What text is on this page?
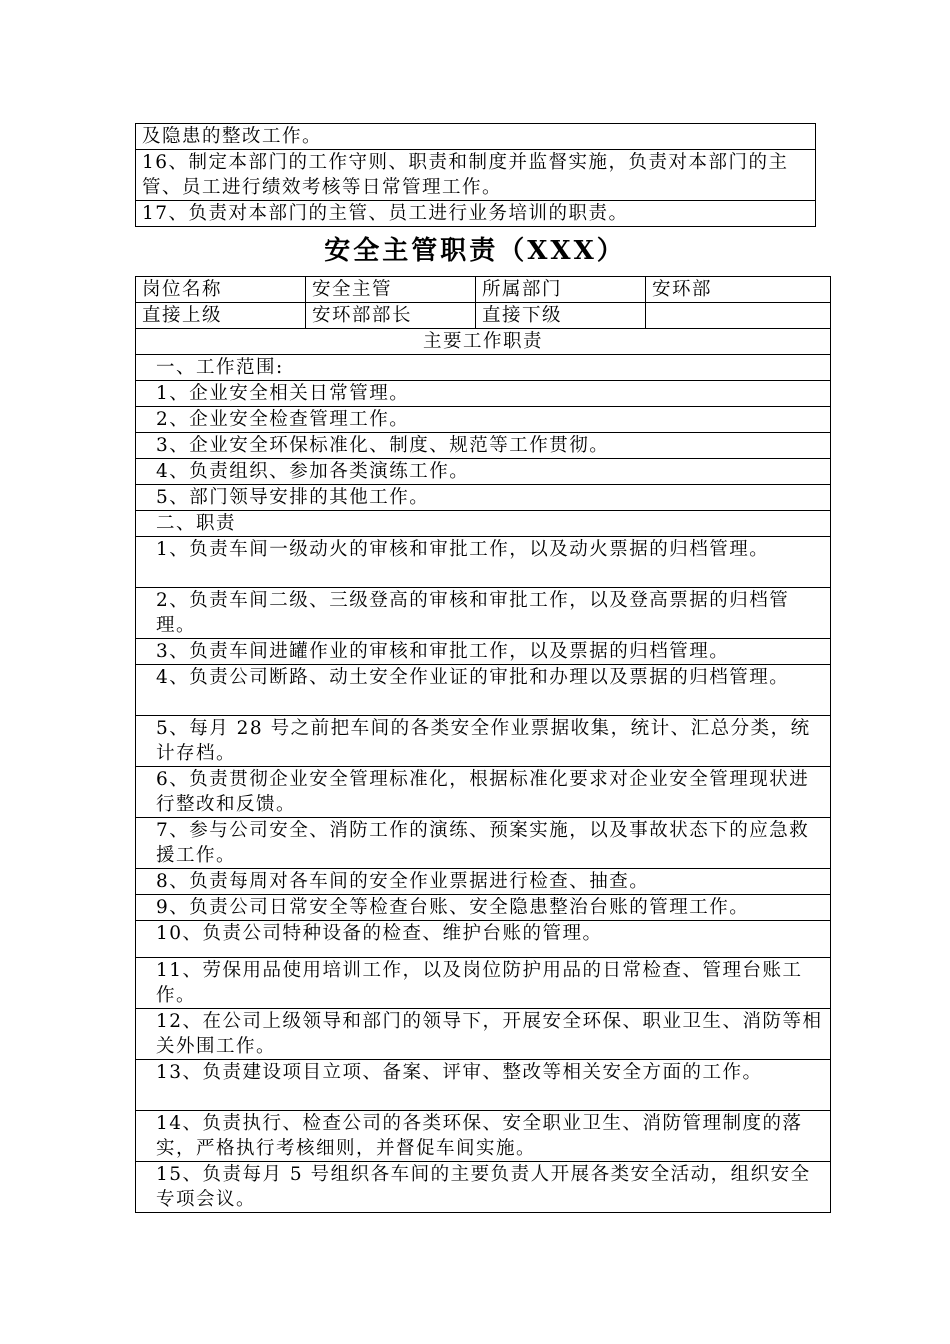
及隐患的整改工作。
16、制定本部门的工作守则、职责和制度并监督实施，负责对本部门的主管、员工进行绩效考核等日常管理工作。
17、负责对本部门的主管、员工进行业务培训的职责。
安全主管职责（XXX）
岗位名称	安全主管	所属部门	安环部
直接上级	安环部部长	直接下级	
主要工作职责			
一、工作范围:			
1、企业安全相关日常管理。			
2、企业安全检查管理工作。			
3、企业安全环保标准化、制度、规范等工作贯彻。			
4、负责组织、参加各类演练工作。			
5、部门领导安排的其他工作。			
二、职责			
1、负责车间一级动火的审核和审批工作，以及动火票据的归档管理。			
2、负责车间二级、三级登高的审核和审批工作，以及登高票据的归档管理。			
3、负责车间进罐作业的审核和审批工作，以及票据的归档管理。			
4、负责公司断路、动土安全作业证的审批和办理以及票据的归档管理。			
5、每月 28 号之前把车间的各类安全作业票据收集，统计、汇总分类，统计存档。			
6、负责贯彻企业安全管理标准化，根据标准化要求对企业安全管理现状进行整改和反馈。			
7、参与公司安全、消防工作的演练、预案实施，以及事故状态下的应急救援工作。			
8、负责每周对各车间的安全作业票据进行检查、抽查。			
9、负责公司日常安全等检查台账、安全隐患整治台账的管理工作。			
10、负责公司特种设备的检查、维护台账的管理。			
11、劳保用品使用培训工作，以及岗位防护用品的日常检查、管理台账工作。			
12、在公司上级领导和部门的领导下，开展安全环保、职业卫生、消防等相关外围工作。			
13、负责建设项目立项、备案、评审、整改等相关安全方面的工作。			
14、负责执行、检查公司的各类环保、安全职业卫生、消防管理制度的落实，严格执行考核细则，并督促车间实施。			
15、负责每月 5 号组织各车间的主要负责人开展各类安全活动，组织安全专项会议。			
